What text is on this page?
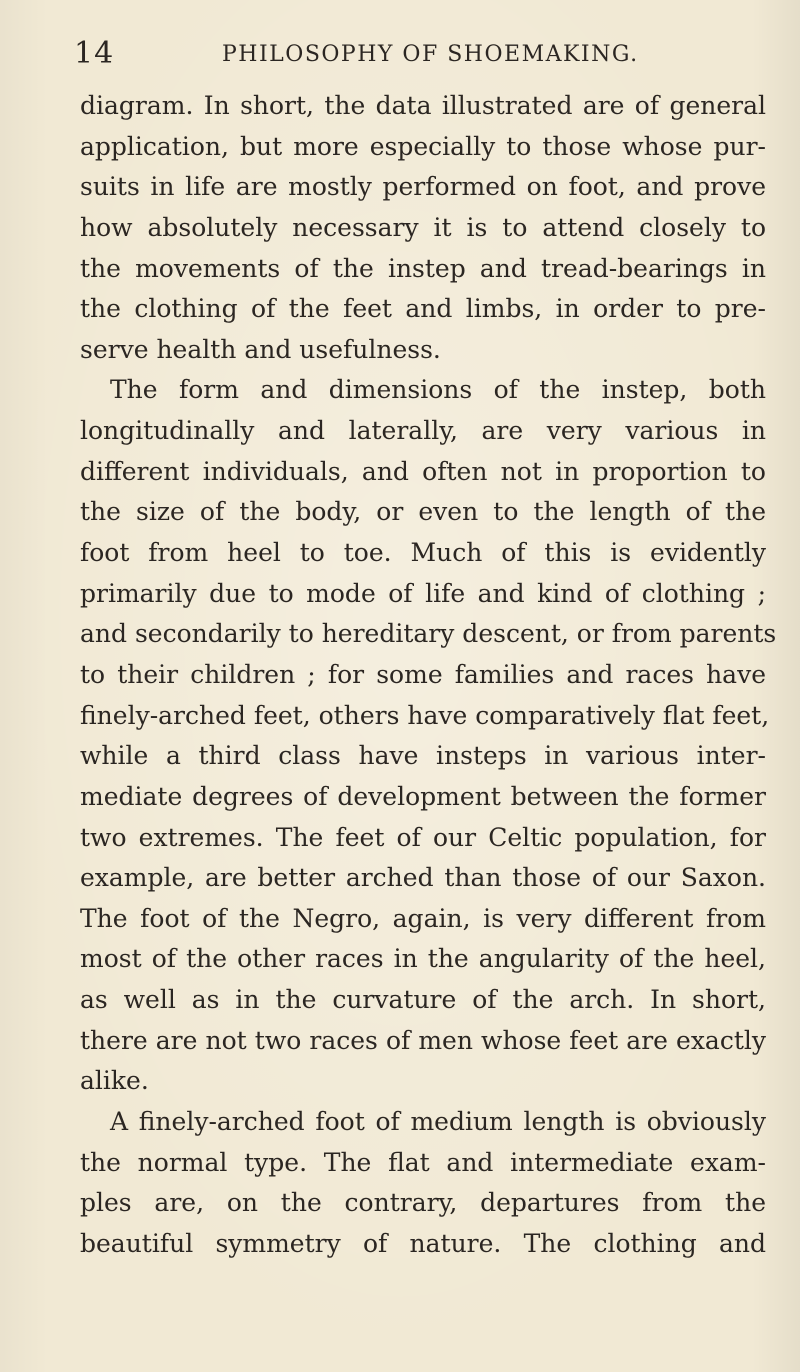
14	PHILOSOPHY OF SHOEMAKING.
diagram. In short, the data illustrated are of general
application, but more especially to those whose pur-
suits in life are mostly performed on foot, and prove
how absolutely necessary it is to attend closely to
the movements of the instep and tread-bearings in
the clothing of the feet and limbs, in order to pre-
serve health and usefulness.
The form and dimensions of the instep, both
longitudinally and laterally, are very various in
different individuals, and often not in proportion to
the size of the body, or even to the length of the
foot from heel to toe. Much of this is evidently
primarily due to mode of life and kind of clothing ;
and secondarily to hereditary descent, or from parents
to their children ; for some families and races have
finely-arched feet, others have comparatively flat feet,
while a third class have insteps in various inter-
mediate degrees of development between the former
two extremes. The feet of our Celtic population, for
example, are better arched than those of our Saxon.
The foot of the Negro, again, is very different from
most of the other races in the angularity of the heel,
as well as in the curvature of the arch. In short,
there are not two races of men whose feet are exactly
alike.
A finely-arched foot of medium length is obviously
the normal type. The flat and intermediate exam-
ples are, on the contrary, departures from the
beautiful symmetry of nature. The clothing and
